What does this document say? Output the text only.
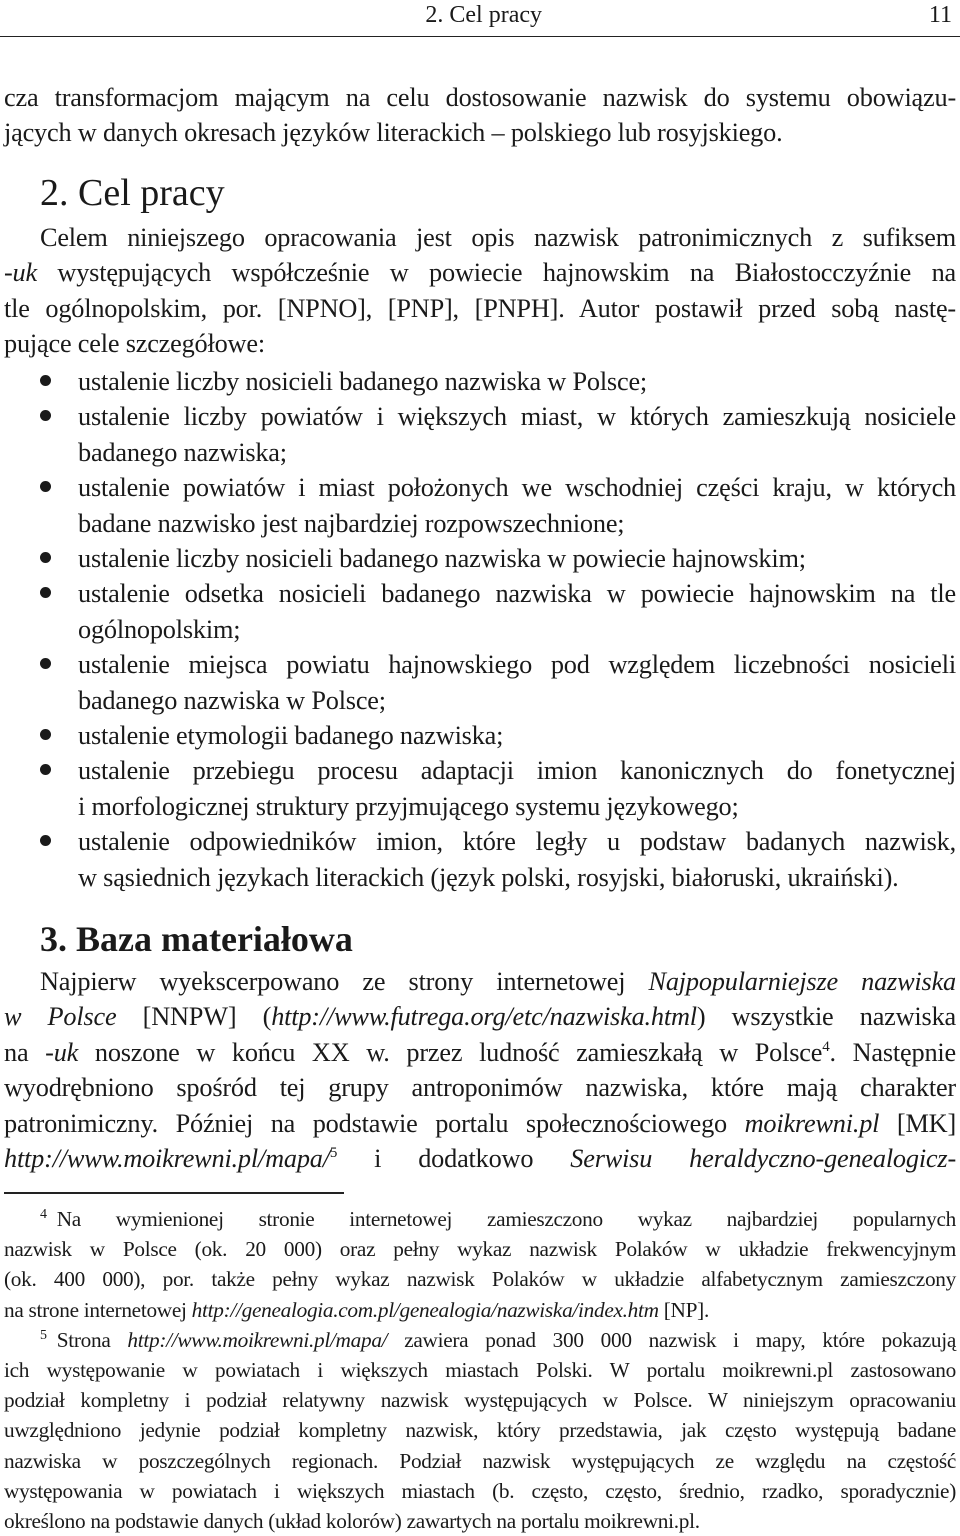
2. Cel pracy	11
cza transformacjom mającym na celu dostosowanie nazwisk do systemu obowiązu-
jących w danych okresach języków literackich – polskiego lub rosyjskiego.
2. Cel pracy
Celem niniejszego opracowania jest opis nazwisk patronimicznych z sufiksem
-uk występujących współcześnie w powiecie hajnowskim na Białostocczyźnie na
tle ogólnopolskim, por. [NPNO], [PNP], [PNPH]. Autor postawił przed sobą nastę-
pujące cele szczegółowe:
ustalenie liczby nosicieli badanego nazwiska w Polsce;
ustalenie liczby powiatów i większych miast, w których zamieszkują nosiciele
badanego nazwiska;
ustalenie powiatów i miast położonych we wschodniej części kraju, w których
badane nazwisko jest najbardziej rozpowszechnione;
ustalenie liczby nosicieli badanego nazwiska w powiecie hajnowskim;
ustalenie odsetka nosicieli badanego nazwiska w powiecie hajnowskim na tle
ogólnopolskim;
ustalenie miejsca powiatu hajnowskiego pod względem liczebności nosicieli
badanego nazwiska w Polsce;
ustalenie etymologii badanego nazwiska;
ustalenie przebiegu procesu adaptacji imion kanonicznych do fonetycznej
i morfologicznej struktury przyjmującego systemu językowego;
ustalenie odpowiedników imion, które legły u podstaw badanych nazwisk,
w sąsiednich językach literackich (język polski, rosyjski, białoruski, ukraiński).
3. Baza materiałowa
Najpierw wyekscerpowano ze strony internetowej Najpopularniejsze nazwiska
w Polsce [NNPW] (http://www.futrega.org/etc/nazwiska.html) wszystkie nazwiska
na -uk noszone w końcu XX w. przez ludność zamieszkałą w Polsce$^4$. Następnie
wyodrębniono spośród tej grupy antroponimów nazwiska, które mają charakter
patronimiczny. Później na podstawie portalu społecznościowego moikrewni.pl [MK]
http://www.moikrewni.pl/mapa/$^5$ i dodatkowo Serwisu heraldyczno-genealogicz-
$^4$ Na wymienionej stronie internetowej zamieszczono wykaz najbardziej popularnych
nazwisk w Polsce (ok. 20 000) oraz pełny wykaz nazwisk Polaków w układzie frekwencyjnym
(ok. 400 000), por. także pełny wykaz nazwisk Polaków w układzie alfabetycznym zamieszczony
na strone internetowej http://genealogia.com.pl/genealogia/nazwiska/index.htm [NP].
$^5$ Strona http://www.moikrewni.pl/mapa/ zawiera ponad 300 000 nazwisk i mapy, które pokazują
ich występowanie w powiatach i większych miastach Polski. W portalu moikrewni.pl zastosowano
podział kompletny i podział relatywny nazwisk występujących w Polsce. W niniejszym opracowaniu
uwzględniono jedynie podział kompletny nazwisk, który przedstawia, jak często występują badane
nazwiska w poszczególnych regionach. Podział nazwisk występujących ze względu na częstość
występowania w powiatach i większych miastach (b. często, często, średnio, rzadko, sporadycznie)
określono na podstawie danych (układ kolorów) zawartych na portalu moikrewni.pl.
